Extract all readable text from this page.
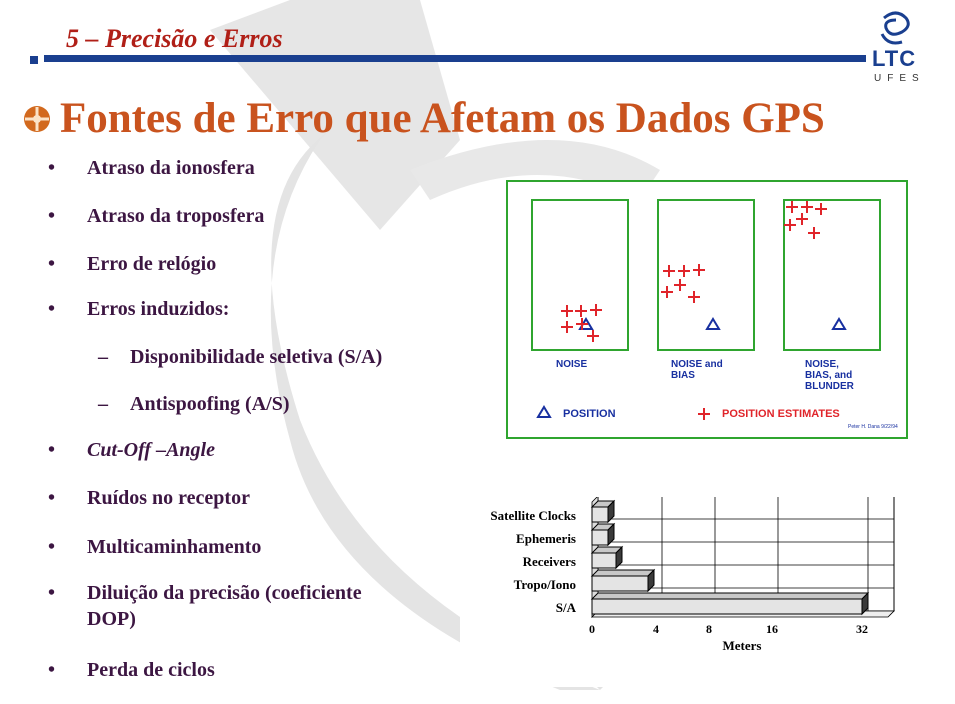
5 – Precisão e Erros
LTC
UFES
Fontes de Erro que Afetam os Dados GPS
• Atraso da ionosfera
• Atraso da troposfera
• Erro de relógio
• Erros induzidos:
– Disponibilidade seletiva (S/A)
– Antispoofing (A/S)
• Cut-Off –Angle
• Ruídos no receptor
• Multicaminhamento
• Diluição da precisão (coeficiente
DOP)
• Perda de ciclos
NOISE	NOISE and
BIAS
NOISE,
BIAS, and
BLUNDER
POSITION	POSITION ESTIMATES
Peter H. Dana 9/22/94
Satellite Clocks
Ephemeris
Receivers
Tropo/Iono
S/A
0	4	8	16	32
Meters
